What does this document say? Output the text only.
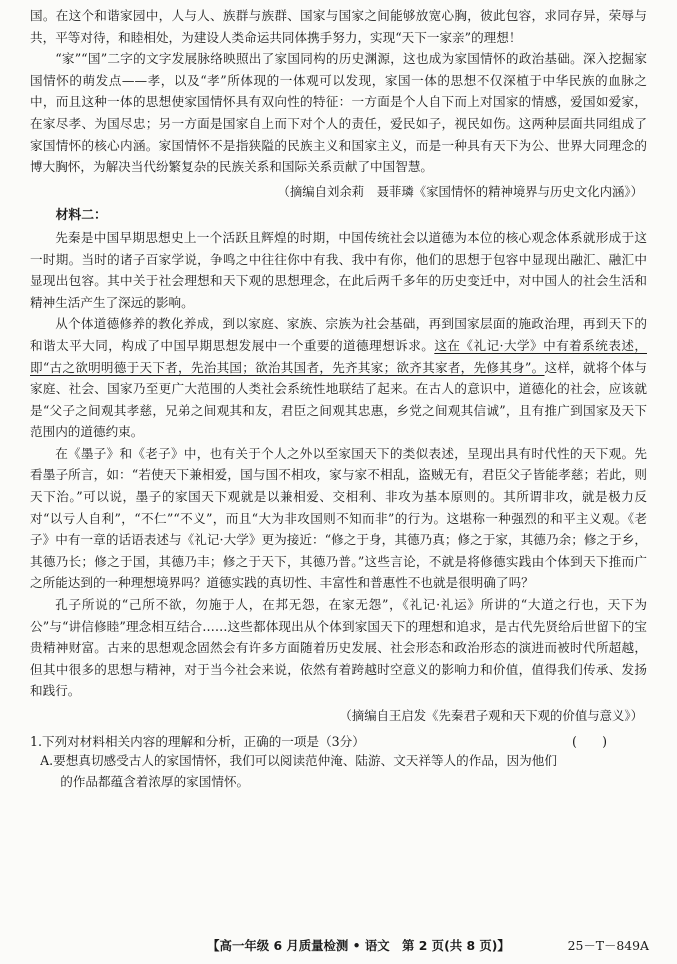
国。在这个和谐家园中，人与人、族群与族群、国家与国家之间能够放宽心胸，彼此包容，求同存异，荣辱与共，平等对待，和睦相处，为建设人类命运共同体携手努力，实现“天下一家亲”的理想！

“家”“国”二字的文字发展脉络映照出了家国同构的历史渊源，这也成为家国情怀的政治基础。深入挖掘家国情怀的萌发点——孝，以及“孝”所体现的一体观可以发现，家国一体的思想不仅深植于中华民族的血脉之中，而且这种一体的思想使家国情怀具有双向性的特征：一方面是个人自下而上对国家的情感，爱国如爱家，在家尽孝、为国尽忠；另一方面是国家自上而下对个人的责任，爱民如子，视民如伤。这两种层面共同组成了家国情怀的核心内涵。家国情怀不是指狭隘的民族主义和国家主义，而是一种具有天下为公、世界大同理念的博大胸怀，为解决当代纷繁复杂的民族关系和国际关系贡献了中国智慧。

（摘编自刘余莉　聂菲璘《家国情怀的精神境界与历史文化内涵》）

材料二：

先秦是中国早期思想史上一个活跃且辉煌的时期，中国传统社会以道德为本位的核心观念体系就形成于这一时期。当时的诸子百家学说，争鸣之中往往你中有我、我中有你，他们的思想于包容中显现出融汇、融汇中显现出包容。其中关于社会理想和天下观的思想理念，在此后两千多年的历史变迁中，对中国人的社会生活和精神生活产生了深远的影响。

从个体道德修养的教化养成，到以家庭、家族、宗族为社会基础，再到国家层面的施政治理，再到天下的和谐太平大同，构成了中国早期思想发展中一个重要的道德理想诉求。这在《礼记·大学》中有着系统表述，即“古之欲明明德于天下者，先治其国；欲治其国者，先齐其家；欲齐其家者，先修其身”。这样，就将个体与家庭、社会、国家乃至更广大范围的人类社会系统性地联结了起来。在古人的意识中，道德化的社会，应该就是“父子之间观其孝慈，兄弟之间观其和友，君臣之间观其忠惠，乡党之间观其信诚”，且有推广到国家及天下范围内的道德约束。

在《墨子》和《老子》中，也有关于个人之外以至家国天下的类似表述，呈现出具有时代性的天下观。先看墨子所言，如：“若使天下兼相爱，国与国不相攻，家与家不相乱，盗贼无有，君臣父子皆能孝慈；若此，则天下治。”可以说，墨子的家国天下观就是以兼相爱、交相利、非攻为基本原则的。其所谓非攻，就是极力反对“以亏人自利”，“不仁”“不义”，而且“大为非攻国则不知而非”的行为。这堪称一种强烈的和平主义观。《老子》中有一章的话语表述与《礼记·大学》更为接近：“修之于身，其德乃真；修之于家，其德乃余；修之于乡，其德乃长；修之于国，其德乃丰；修之于天下，其德乃普。”这些言论，不就是将修德实践由个体到天下推而广之所能达到的一种理想境界吗？道德实践的真切性、丰富性和普惠性不也就是很明确了吗？

孔子所说的“己所不欲，勿施于人，在邦无怨，在家无怨”，《礼记·礼运》所讲的“大道之行也，天下为公”与“讲信修睦”理念相互结合……这些都体现出从个体到家国天下的理想和追求，是古代先贤给后世留下的宝贵精神财富。古来的思想观念固然会有许多方面随着历史发展、社会形态和政治形态的演进而被时代所超越，但其中很多的思想与精神，对于当今社会来说，依然有着跨越时空意义的影响力和价值，值得我们传承、发扬和践行。

（摘编自王启发《先秦君子观和天下观的价值与意义》）

1.下列对材料相关内容的理解和分析，正确的一项是（3分）	(　　)

A.要想真切感受古人的家国情怀，我们可以阅读范仲淹、陆游、文天祥等人的作品，因为他们

的作品都蕴含着浓厚的家国情怀。

【高一年级 6 月质量检测 • 语文　第 2 页(共 8 页)】	25－T－849A
